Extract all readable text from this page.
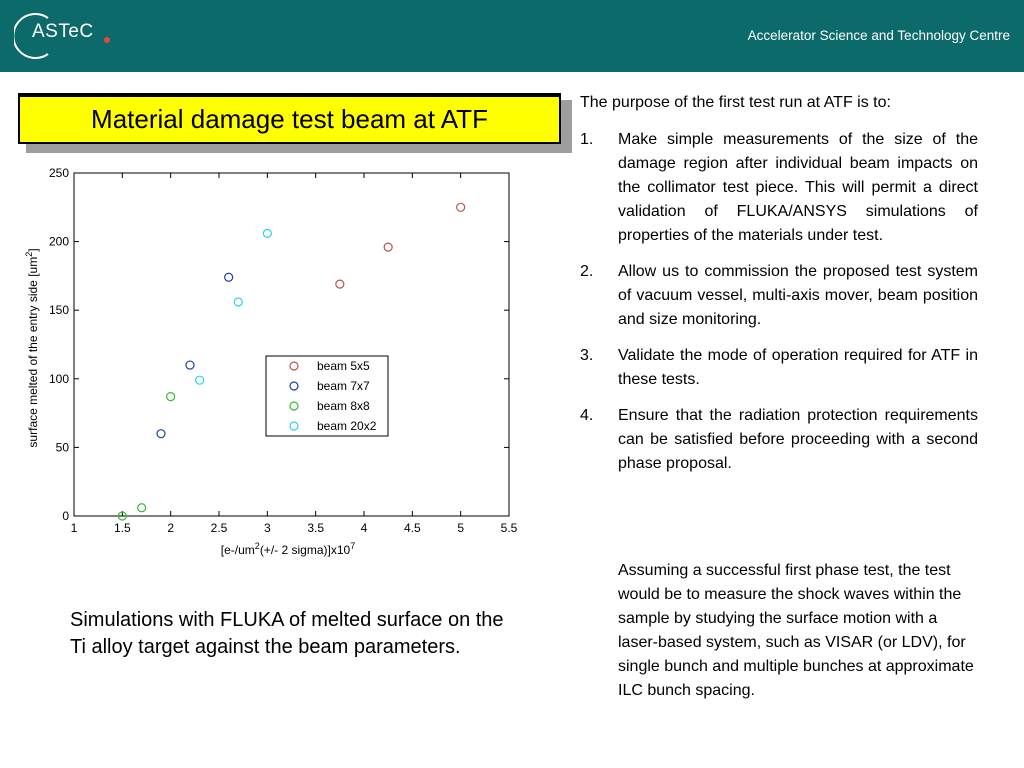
ASTeC	Accelerator Science and Technology Centre
Material damage test beam at ATF
0
50
100
150
200
250
1	1.5	2	2.5	3	3.5	4	4.5	5	5.5
surface melted of the entry side $[um^2]$
[$e-/um^2(+/-$ 2 $sigma)]x10^7$
beam 5x5
beam 7x7
beam 8x8
beam 20x2
Simulations with FLUKA of melted surface on the Ti alloy target against the beam parameters.
The purpose of the first test run at ATF is to:
1. Make simple measurements of the size of the damage region after individual beam impacts on the collimator test piece. This will permit a direct validation of FLUKA/ANSYS simulations of properties of the materials under test.
2. Allow us to commission the proposed test system of vacuum vessel, multi-axis mover, beam position and size monitoring.
3. Validate the mode of operation required for ATF in these tests.
4. Ensure that the radiation protection requirements can be satisfied before proceeding with a second phase proposal.
Assuming a successful first phase test, the test would be to measure the shock waves within the sample by studying the surface motion with a laser-based system, such as VISAR (or LDV), for single bunch and multiple bunches at approximate ILC bunch spacing.
